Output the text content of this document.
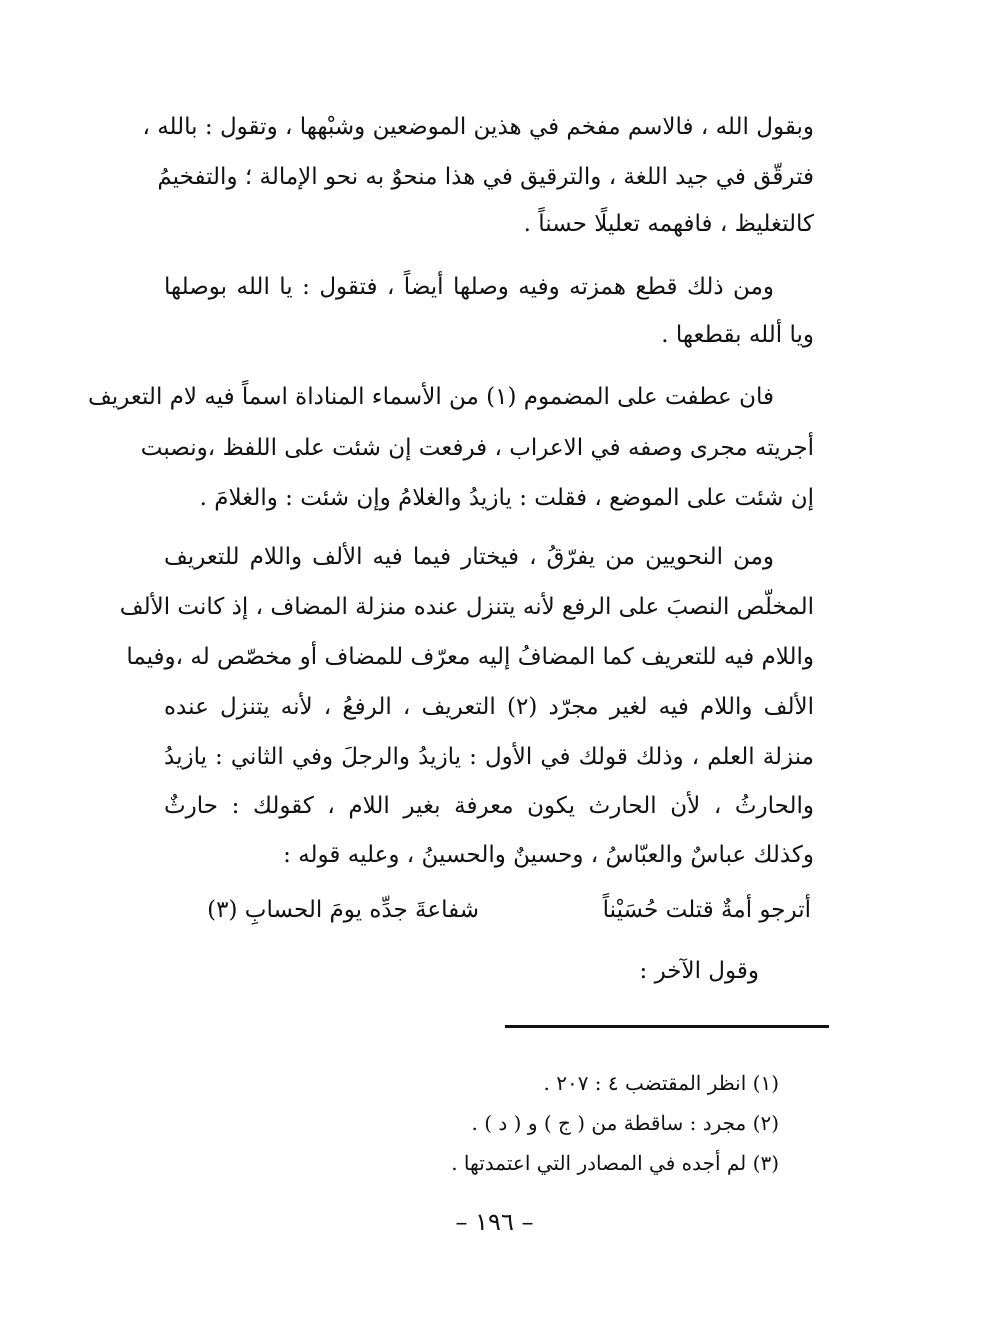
وبقول الله ، فالاسم مفخم في هذين الموضعين وشبْهها ، وتقول : بالله ،
فترقّق في جيد اللغة ، والترقيق في هذا منحوٌ به نحو الإمالة ؛ والتفخيمُ
كالتغليظ ، فافهمه تعليلًا حسناً .
ومن ذلك قطع همزته وفيه وصلها أيضاً ، فتقول : يا الله بوصلها
ويا ألله بقطعها .
فان عطفت على المضموم (١) من الأسماء المناداة اسماً فيه لام التعريف
أجريته مجرى وصفه في الاعراب ، فرفعت إن شئت على اللفظ ،ونصبت
إن شئت على الموضع ، فقلت : يازيدُ والغلامُ وإن شئت : والغلامَ .
ومن النحويين من يفرّقُ ، فيختار فيما فيه الألف واللام للتعريف
المخلّص النصبَ على الرفع لأنه يتنزل عنده منزلة المضاف ، إذ كانت الألف
واللام فيه للتعريف كما المضافُ إليه معرّف للمضاف أو مخصّص له ،وفيما
الألف واللام فيه لغير مجرّد (٢) التعريف ، الرفعُ ، لأنه يتنزل عنده
منزلة العلم ، وذلك قولك في الأول : يازيدُ والرجلَ وفي الثاني : يازيدُ
والحارثُ ، لأن الحارث يكون معرفة بغير اللام ، كقولك : حارثٌ
وكذلك عباسٌ والعبّاسُ ، وحسينٌ والحسينُ ، وعليه قوله :
أترجو أمةٌ قتلت حُسَيْناً
شفاعةَ جدِّه يومَ الحسابِ (٣)
وقول الآخر :
(١) انظر المقتضب ٤ : ٢٠٧ .
(٢) مجرد : ساقطة من ( ج ) و ( د ) .
(٣) لم أجده في المصادر التي اعتمدتها .
– ١٩٦ –
